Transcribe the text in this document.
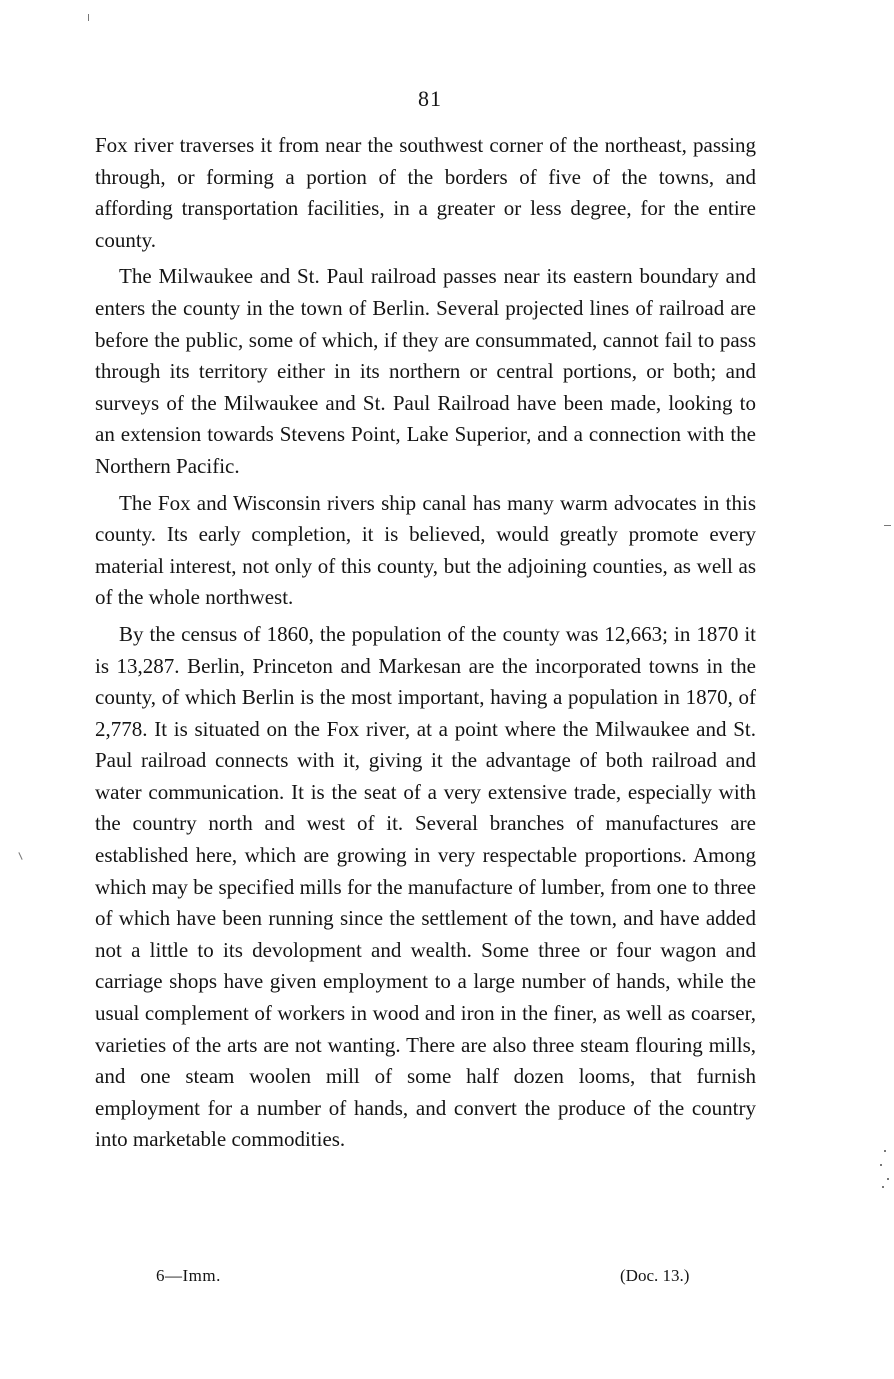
81

Fox river traverses it from near the southwest corner of the northeast, passing through, or forming a portion of the borders of five of the towns, and affording transportation facilities, in a greater or less degree, for the entire county.

The Milwaukee and St. Paul railroad passes near its eastern boundary and enters the county in the town of Berlin. Several projected lines of railroad are before the public, some of which, if they are consummated, cannot fail to pass through its territory either in its northern or central portions, or both; and surveys of the Milwaukee and St. Paul Railroad have been made, looking to an extension towards Stevens Point, Lake Superior, and a connection with the Northern Pacific.

The Fox and Wisconsin rivers ship canal has many warm advocates in this county. Its early completion, it is believed, would greatly promote every material interest, not only of this county, but the adjoining counties, as well as of the whole northwest.

By the census of 1860, the population of the county was 12,663; in 1870 it is 13,287. Berlin, Princeton and Markesan are the incorporated towns in the county, of which Berlin is the most important, having a population in 1870, of 2,778. It is situated on the Fox river, at a point where the Milwaukee and St. Paul railroad connects with it, giving it the advantage of both railroad and water communication. It is the seat of a very extensive trade, especially with the country north and west of it. Several branches of manufactures are established here, which are growing in very respectable proportions. Among which may be specified mills for the manufacture of lumber, from one to three of which have been running since the settlement of the town, and have added not a little to its devolopment and wealth. Some three or four wagon and carriage shops have given employment to a large number of hands, while the usual complement of workers in wood and iron in the finer, as well as coarser, varieties of the arts are not wanting. There are also three steam flouring mills, and one steam woolen mill of some half dozen looms, that furnish employment for a number of hands, and convert the produce of the country into marketable commodities.

6—Imm.	(Doc. 13.)
